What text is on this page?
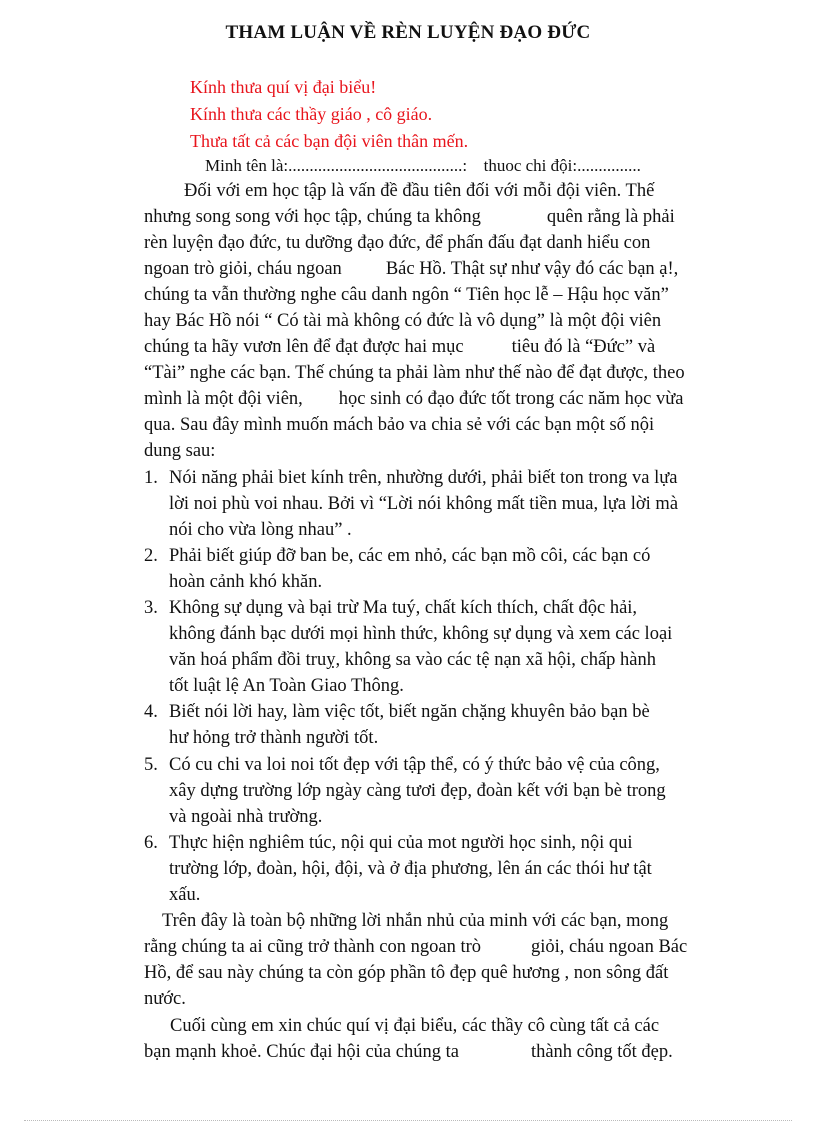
THAM LUẬN VỀ RÈN LUYỆN ĐẠO ĐỨC
Kính thưa quí vị đại biểu!
Kính thưa các thầy giáo , cô giáo.
Thưa tất cả các bạn đội viên thân mến.
Minh tên là:.........................................: thuoc chi đội:...............
Đối với em học tập là vấn đề đầu tiên đối với mỗi đội viên. Thế
nhưng song song với học tập, chúng ta không	quên rằng là phải
rèn luyện đạo đức, tu dưỡng đạo đức, để phấn đấu đạt danh hiểu con
ngoan trò giỏi, cháu ngoan Bác Hồ. Thật sự như vậy đó các bạn ạ!,
chúng ta vẫn thường nghe câu danh ngôn “ Tiên học lễ – Hậu học văn”
hay Bác Hồ nói “ Có tài mà không có đức là vô dụng” là một đội viên
chúng ta hãy vươn lên để đạt được hai mục	tiêu đó là “Đức” và
“Tài” nghe các bạn. Thế chúng ta phải làm như thế nào để đạt được, theo
mình là một đội viên, học sinh có đạo đức tốt trong các năm học vừa
qua. Sau đây mình muốn mách bảo va chia sẻ với các bạn một số nội
dung sau:
1. Nói năng phải biet kính trên, nhường dưới, phải biết ton trong va lựa
lời noi phù voi nhau. Bởi vì “Lời nói không mất tiền mua, lựa lời mà
nói cho vừa lòng nhau” .
2. Phải biết giúp đỡ ban be, các em nhỏ, các bạn mồ côi, các bạn có
hoàn cảnh khó khăn.
3. Không sự dụng và bại trừ Ma tuý, chất kích thích, chất độc hải,
không đánh bạc dưới mọi hình thức, không sự dụng và xem các loại
văn hoá phẩm đồi truỵ, không sa vào các tệ nạn xã hội, chấp hành
tốt luật lệ An Toàn Giao Thông.
4. Biết nói lời hay, làm việc tốt, biết ngăn chặng khuyên bảo bạn bè
hư hỏng trở thành người tốt.
5. Có cu chi va loi noi tốt đẹp với tập thể, có ý thức bảo vệ của công,
xây dựng trường lớp ngày càng tươi đẹp, đoàn kết với bạn bè trong
và ngoài nhà trường.
6. Thực hiện nghiêm túc, nội qui của mot người học sinh, nội qui
trường lớp, đoàn, hội, đội, và ở địa phương, lên án các thói hư tật
xấu.
Trên đây là toàn bộ những lời nhắn nhủ của minh với các bạn, mong
rằng chúng ta ai cũng trở thành con ngoan trò	giỏi, cháu ngoan Bác
Hồ, để sau này chúng ta còn góp phần tô đẹp quê hương , non sông đất
nước.
Cuối cùng em xin chúc quí vị đại biểu, các thầy cô cùng tất cả các
bạn mạnh khoẻ. Chúc đại hội của chúng ta	thành công tốt đẹp.
